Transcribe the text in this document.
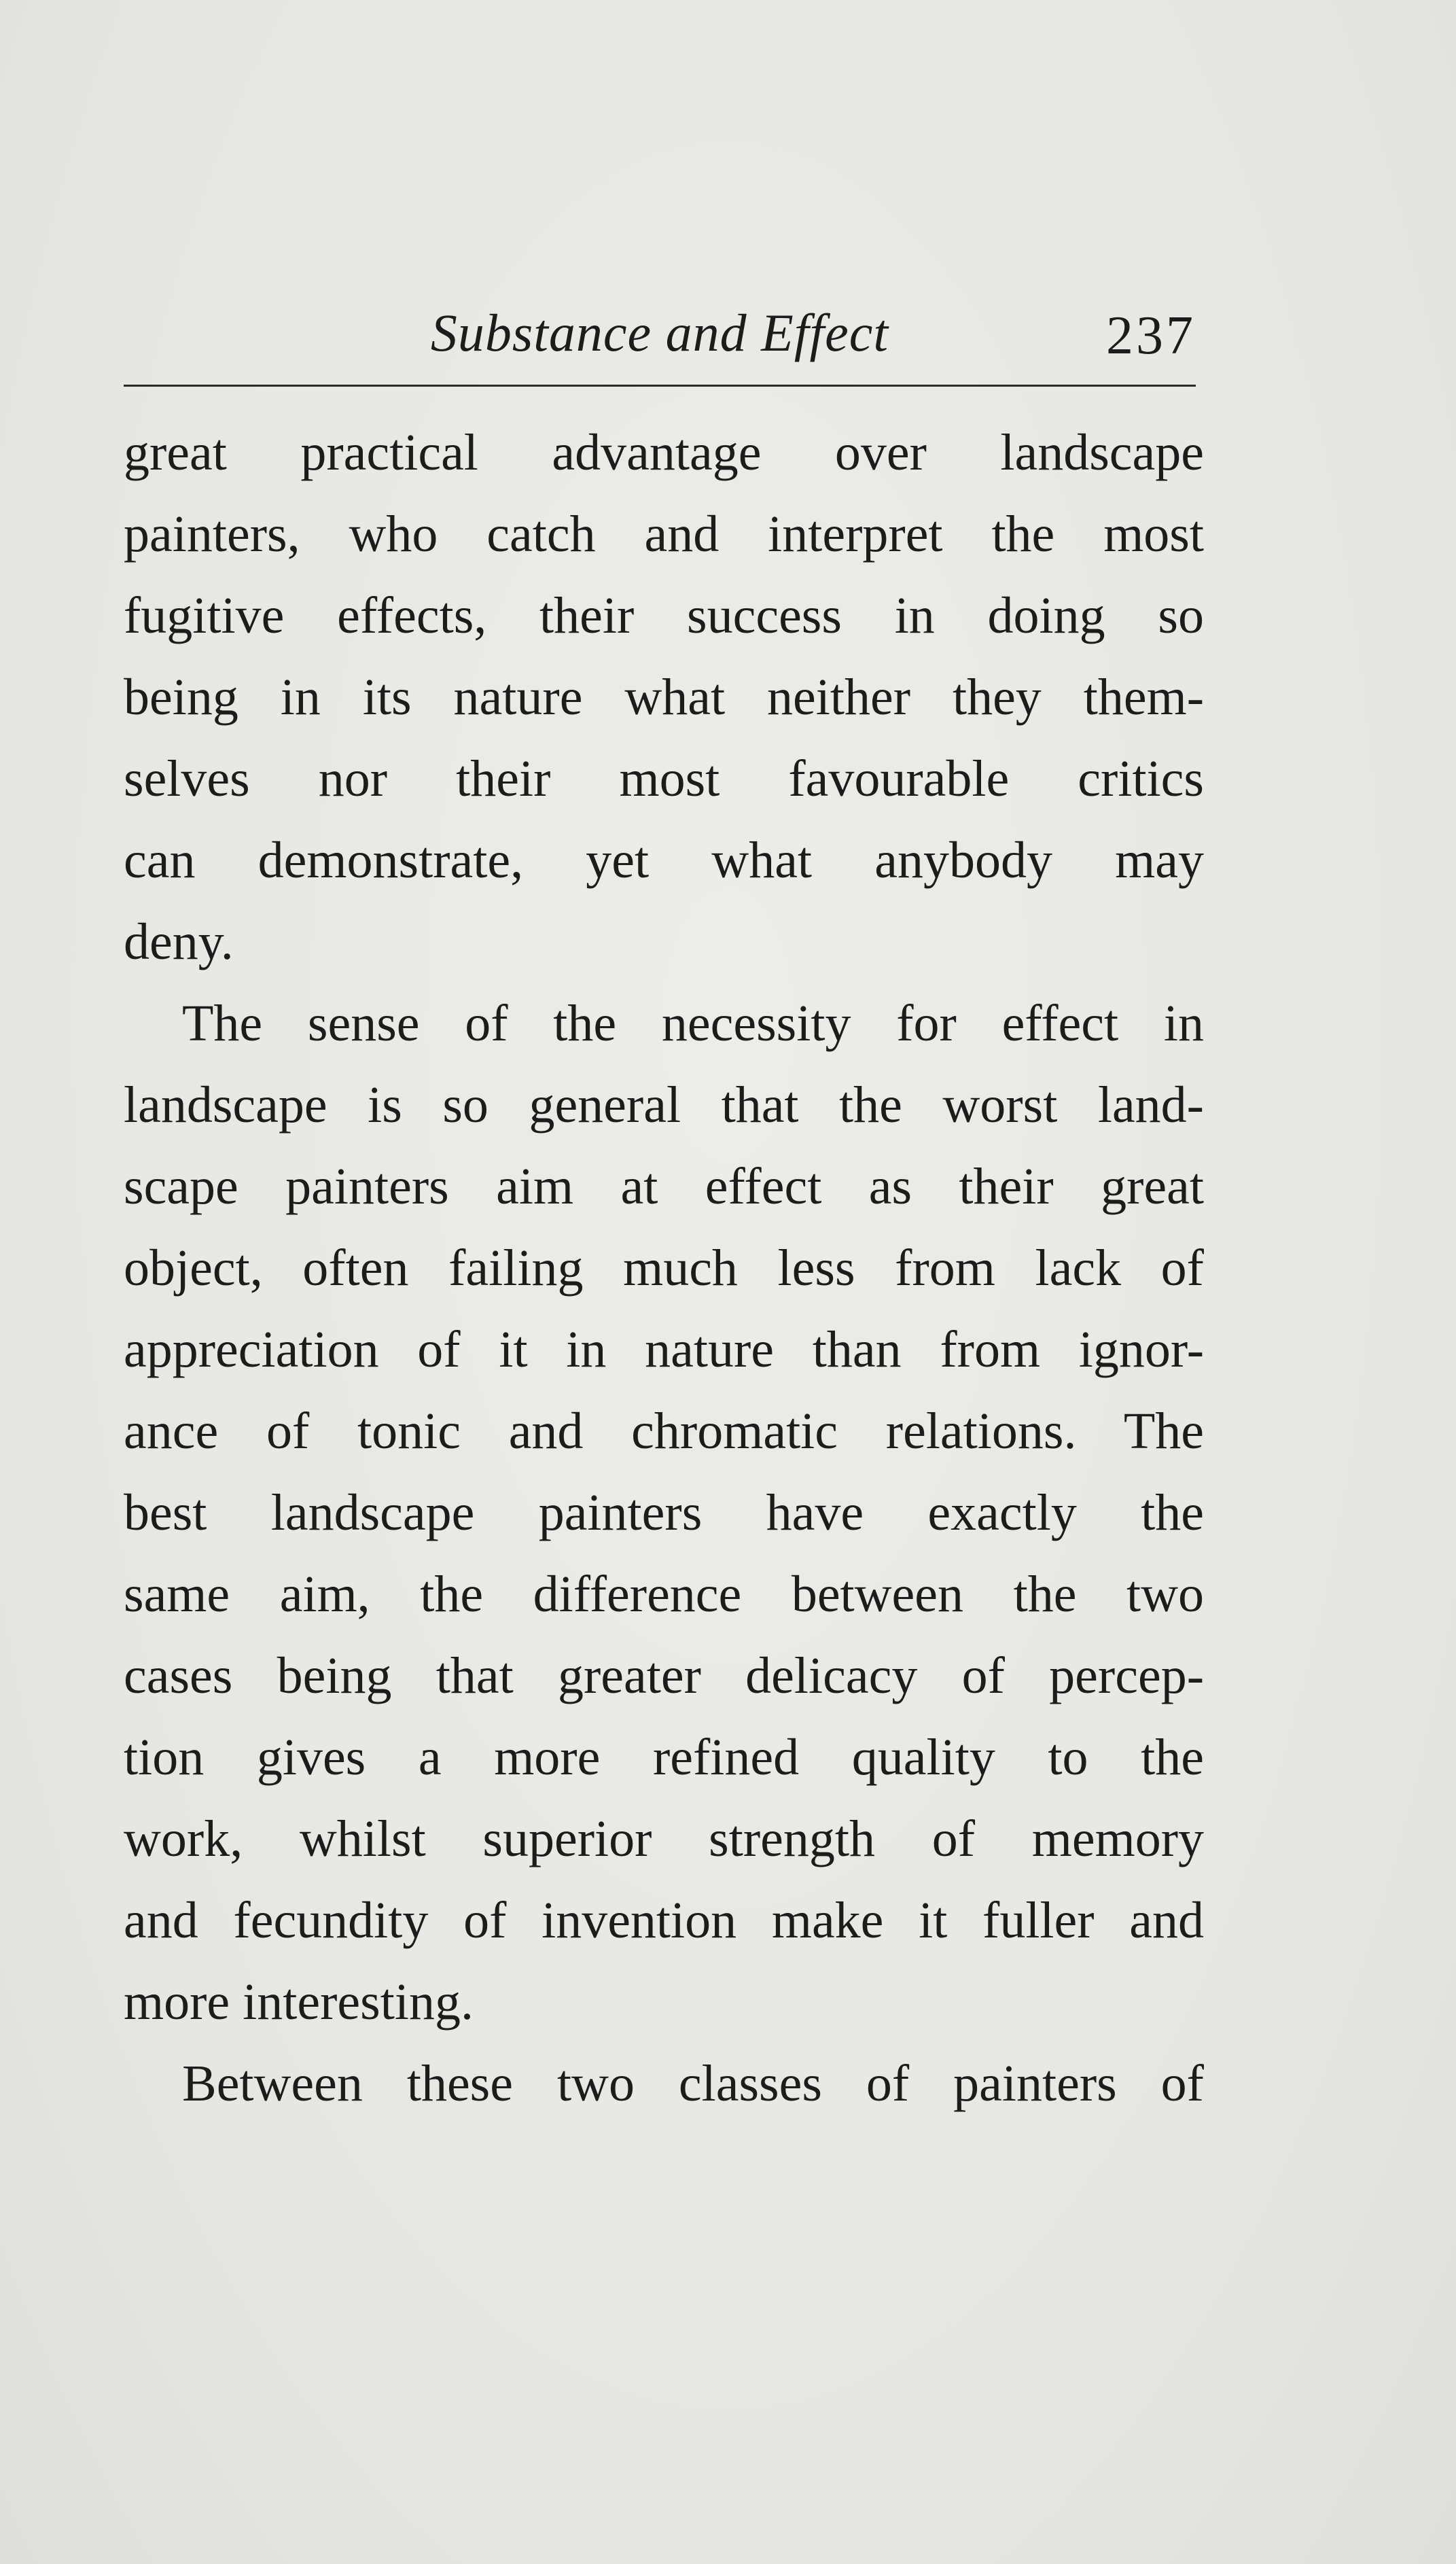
Substance and Effect	237
great practical advantage over landscape
painters, who catch and interpret the most
fugitive effects, their success in doing so
being in its nature what neither they them-
selves nor their most favourable critics
can demonstrate, yet what anybody may
deny.
The sense of the necessity for effect in
landscape is so general that the worst land-
scape painters aim at effect as their great
object, often failing much less from lack of
appreciation of it in nature than from ignor-
ance of tonic and chromatic relations. The
best landscape painters have exactly the
same aim, the difference between the two
cases being that greater delicacy of percep-
tion gives a more refined quality to the
work, whilst superior strength of memory
and fecundity of invention make it fuller and
more interesting.
Between these two classes of painters of
